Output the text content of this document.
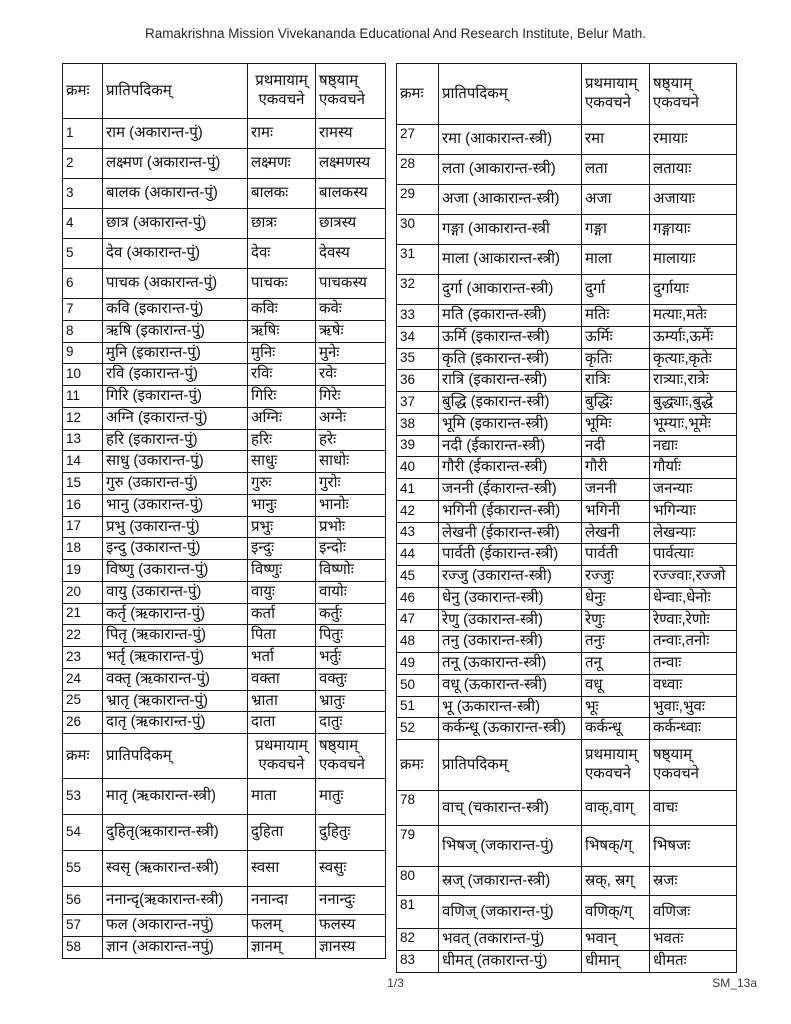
Ramakrishna Mission Vivekananda Educational And Research Institute, Belur Math.
क्रमः	प्रातिपदिकम्	प्रथमायाम् एकवचने	षष्ठ्याम् एकवचने
1	राम (अकारान्त-पुं)	रामः	रामस्य
2	लक्ष्मण (अकारान्त-पुं)	लक्ष्मणः	लक्ष्मणस्य
3	बालक (अकारान्त-पुं)	बालकः	बालकस्य
4	छात्र (अकारान्त-पुं)	छात्रः	छात्रस्य
5	देव (अकारान्त-पुं)	देवः	देवस्य
6	पाचक (अकारान्त-पुं)	पाचकः	पाचकस्य
7	कवि (इकारान्त-पुं)	कविः	कवेः
8	ऋषि (इकारान्त-पुं)	ऋषिः	ऋषेः
9	मुनि (इकारान्त-पुं)	मुनिः	मुनेः
10	रवि (इकारान्त-पुं)	रविः	रवेः
11	गिरि (इकारान्त-पुं)	गिरिः	गिरेः
12	अग्नि (इकारान्त-पुं)	अग्निः	अग्नेः
13	हरि (इकारान्त-पुं)	हरिः	हरेः
14	साधु (उकारान्त-पुं)	साधुः	साधोः
15	गुरु (उकारान्त-पुं)	गुरुः	गुरोः
16	भानु (उकारान्त-पुं)	भानुः	भानोः
17	प्रभु (उकारान्त-पुं)	प्रभुः	प्रभोः
18	इन्दु (उकारान्त-पुं)	इन्दुः	इन्दोः
19	विष्णु (उकारान्त-पुं)	विष्णुः	विष्णोः
20	वायु (उकारान्त-पुं)	वायुः	वायोः
21	कर्तृ (ऋकारान्त-पुं)	कर्ता	कर्तुः
22	पितृ (ऋकारान्त-पुं)	पिता	पितुः
23	भर्तृ (ऋकारान्त-पुं)	भर्ता	भर्तुः
24	वक्तृ (ऋकारान्त-पुं)	वक्ता	वक्तुः
25	भ्रातृ (ऋकारान्त-पुं)	भ्राता	भ्रातुः
26	दातृ (ऋकारान्त-पुं)	दाता	दातुः
क्रमः	प्रातिपदिकम्	प्रथमायाम् एकवचने	षष्ठ्याम् एकवचने
53	मातृ (ऋकारान्त-स्त्री)	माता	मातुः
54	दुहितृ(ऋकारान्त-स्त्री)	दुहिता	दुहितुः
55	स्वसृ (ऋकारान्त-स्त्री)	स्वसा	स्वसुः
56	ननान्दृ(ऋकारान्त-स्त्री)	ननान्दा	ननान्दुः
57	फल (अकारान्त-नपुं)	फलम्	फलस्य
58	ज्ञान (अकारान्त-नपुं)	ज्ञानम्	ज्ञानस्य
क्रमः	प्रातिपदिकम्	प्रथमायाम् एकवचने	षष्ठ्याम् एकवचने
27	रमा (आकारान्त-स्त्री)	रमा	रमायाः
28	लता (आकारान्त-स्त्री)	लता	लतायाः
29	अजा (आकारान्त-स्त्री)	अजा	अजायाः
30	गङ्गा (आकारान्त-स्त्री	गङ्गा	गङ्गायाः
31	माला (आकारान्त-स्त्री)	माला	मालायाः
32	दुर्गा (आकारान्त-स्त्री)	दुर्गा	दुर्गायाः
33	मति (इकारान्त-स्त्री)	मतिः	मत्याः,मतेः
34	ऊर्मि (इकारान्त-स्त्री)	ऊर्मिः	ऊर्म्याः,ऊर्मेः
35	कृति (इकारान्त-स्त्री)	कृतिः	कृत्याः,कृतेः
36	रात्रि (इकारान्त-स्त्री)	रात्रिः	रात्र्याः,रात्रेः
37	बुद्धि (इकारान्त-स्त्री)	बुद्धिः	बुद्ध्याः,बुद्धे
38	भूमि (इकारान्त-स्त्री)	भूमिः	भूम्याः,भूमेः
39	नदी (ईकारान्त-स्त्री)	नदी	नद्याः
40	गौरी (ईकारान्त-स्त्री)	गौरी	गौर्याः
41	जननी (ईकारान्त-स्त्री)	जननी	जनन्याः
42	भगिनी (ईकारान्त-स्त्री)	भगिनी	भगिन्याः
43	लेखनी (ईकारान्त-स्त्री)	लेखनी	लेखन्याः
44	पार्वती (ईकारान्त-स्त्री)	पार्वती	पार्वत्याः
45	रज्जु (उकारान्त-स्त्री)	रज्जुः	रज्ज्वाः,रज्जो
46	धेनु (उकारान्त-स्त्री)	धेनुः	धेन्वाः,धेनोः
47	रेणु (उकारान्त-स्त्री)	रेणुः	रेण्वाः,रेणोः
48	तनु (उकारान्त-स्त्री)	तनुः	तन्वाः,तनोः
49	तनू (ऊकारान्त-स्त्री)	तनू	तन्वाः
50	वधू (ऊकारान्त-स्त्री)	वधू	वध्वाः
51	भू (ऊकारान्त-स्त्री)	भूः	भुवाः,भुवः
52	कर्कन्धू (ऊकारान्त-स्त्री)	कर्कन्धू	कर्कन्ध्वाः
क्रमः	प्रातिपदिकम्	प्रथमायाम् एकवचने	षष्ठ्याम् एकवचने
78	वाच् (चकारान्त-स्त्री)	वाक्,वाग्	वाचः
79	भिषज् (जकारान्त-पुं)	भिषक्/ग्	भिषजः
80	स्रज् (जकारान्त-स्त्री)	स्रक्, स्रग्	स्रजः
81	वणिज् (जकारान्त-पुं)	वणिक्/ग्	वणिजः
82	भवत् (तकारान्त-पुं)	भवान्	भवतः
83	धीमत् (तकारान्त-पुं)	धीमान्	धीमतः
1/3	SM_13a
